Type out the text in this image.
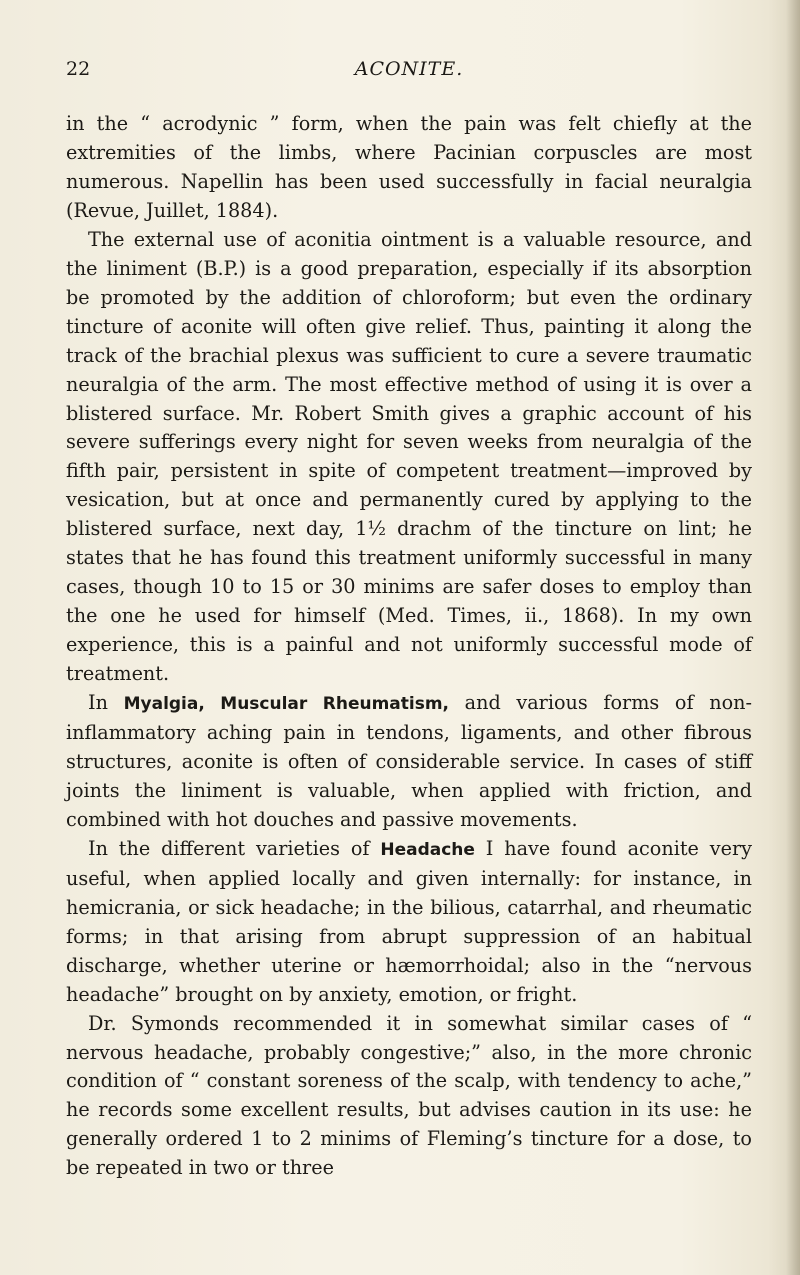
22	ACONITE.

in the “ acrodynic ” form, when the pain was felt chiefly at the extremities of the limbs, where Pacinian corpuscles are most numerous. Napellin has been used successfully in facial neuralgia (Revue, Juillet, 1884).

The external use of aconitia ointment is a valuable resource, and the liniment (B.P.) is a good preparation, especially if its absorption be promoted by the addition of chloroform; but even the ordinary tincture of aconite will often give relief. Thus, painting it along the track of the brachial plexus was sufficient to cure a severe traumatic neuralgia of the arm. The most effective method of using it is over a blistered surface. Mr. Robert Smith gives a graphic account of his severe sufferings every night for seven weeks from neuralgia of the fifth pair, persistent in spite of competent treatment—improved by vesication, but at once and permanently cured by applying to the blistered surface, next day, 1½ drachm of the tincture on lint; he states that he has found this treatment uniformly successful in many cases, though 10 to 15 or 30 minims are safer doses to employ than the one he used for himself (Med. Times, ii., 1868). In my own experience, this is a painful and not uniformly successful mode of treatment.

In Myalgia, Muscular Rheumatism, and various forms of non-inflammatory aching pain in tendons, ligaments, and other fibrous structures, aconite is often of considerable service. In cases of stiff joints the liniment is valuable, when applied with friction, and combined with hot douches and passive movements.

In the different varieties of Headache I have found aconite very useful, when applied locally and given internally: for instance, in hemicrania, or sick headache; in the bilious, catarrhal, and rheumatic forms; in that arising from abrupt suppression of an habitual discharge, whether uterine or hæmorrhoidal; also in the “nervous headache” brought on by anxiety, emotion, or fright.

Dr. Symonds recommended it in somewhat similar cases of “ nervous headache, probably congestive;” also, in the more chronic condition of “ constant soreness of the scalp, with tendency to ache,” he records some excellent results, but advises caution in its use: he generally ordered 1 to 2 minims of Fleming’s tincture for a dose, to be repeated in two or three
